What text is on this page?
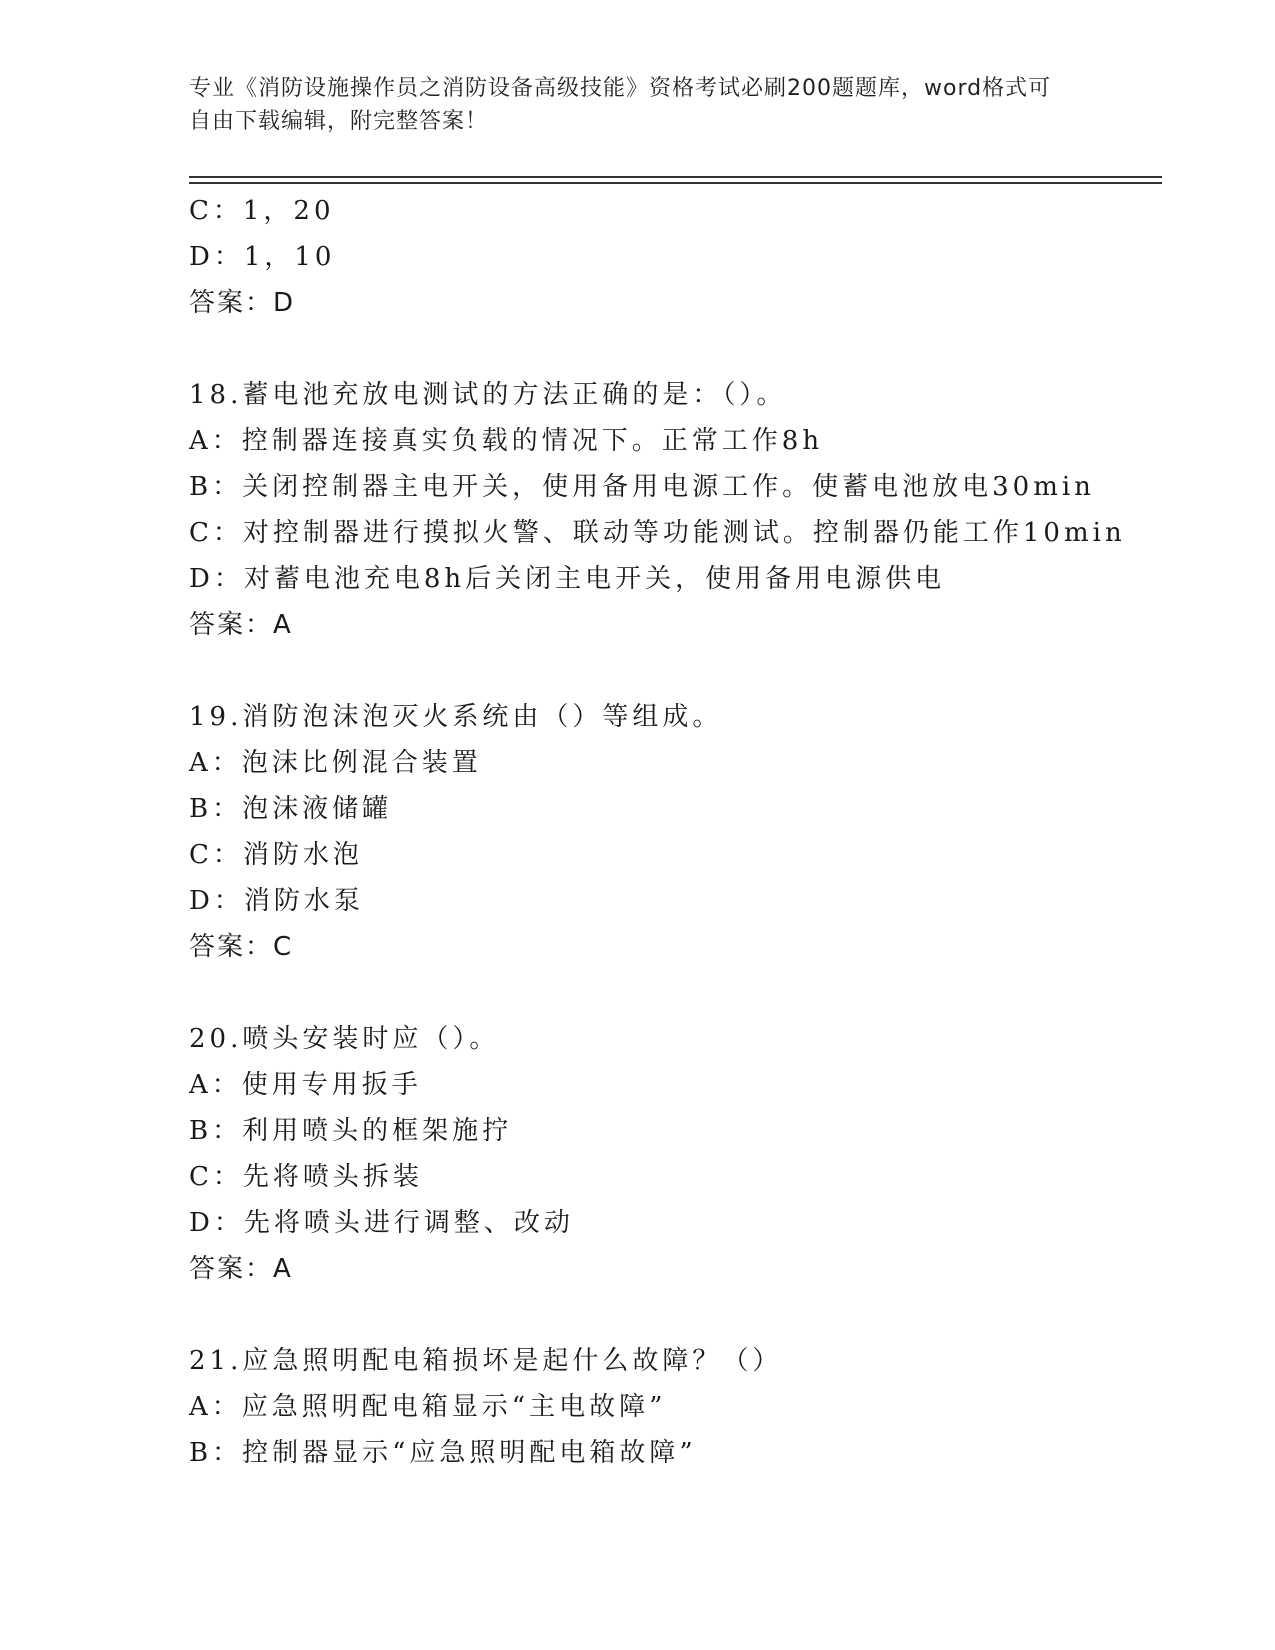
专业《消防设施操作员之消防设备高级技能》资格考试必刷200题题库，word格式可自由下载编辑，附完整答案！
C：1，20
D：1，10
答案：D
18.蓄电池充放电测试的方法正确的是：（）。
A：控制器连接真实负载的情况下。正常工作8h
B：关闭控制器主电开关，使用备用电源工作。使蓄电池放电30min
C：对控制器进行摸拟火警、联动等功能测试。控制器仍能工作10min
D：对蓄电池充电8h后关闭主电开关，使用备用电源供电
答案：A
19.消防泡沫泡灭火系统由（）等组成。
A：泡沫比例混合装置
B：泡沫液储罐
C：消防水泡
D：消防水泵
答案：C
20.喷头安装时应（）。
A：使用专用扳手
B：利用喷头的框架施拧
C：先将喷头拆装
D：先将喷头进行调整、改动
答案：A
21.应急照明配电箱损坏是起什么故障？（）
A：应急照明配电箱显示“主电故障”
B：控制器显示“应急照明配电箱故障”
